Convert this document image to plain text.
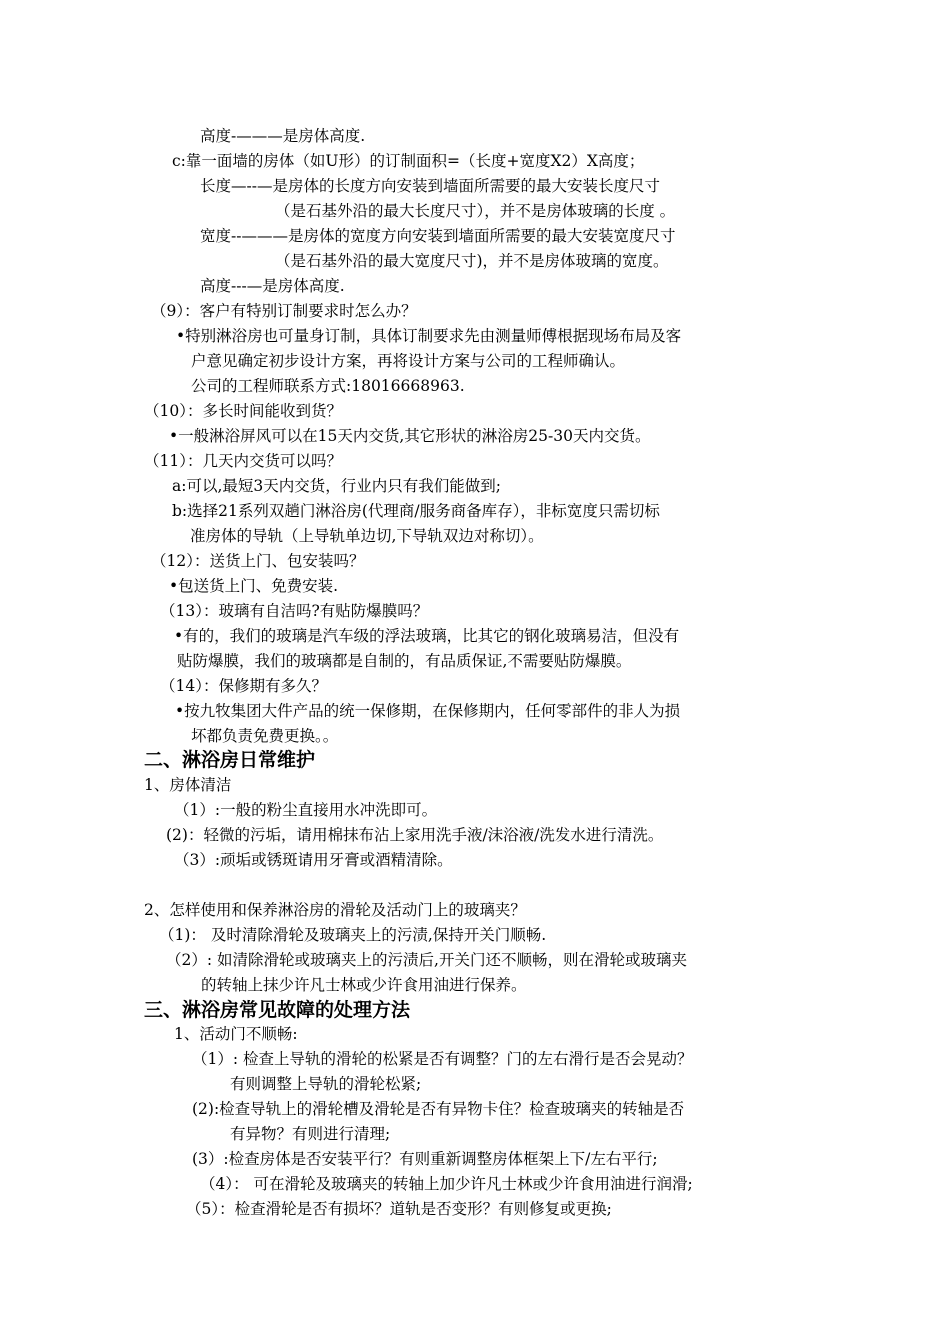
高度-———是房体高度.
c:靠一面墙的房体（如U形）的订制面积=（长度+宽度X2）X高度；
长度—--—是房体的长度方向安装到墙面所需要的最大安装长度尺寸
（是石基外沿的最大长度尺寸），并不是房体玻璃的长度 。
宽度--———是房体的宽度方向安装到墙面所需要的最大安装宽度尺寸
（是石基外沿的最大宽度尺寸)，并不是房体玻璃的宽度。
高度---—是房体高度.
（9）：客户有特别订制要求时怎么办？
•特别淋浴房也可量身订制，具体订制要求先由测量师傅根据现场布局及客
户意见确定初步设计方案，再将设计方案与公司的工程师确认。
公司的工程师联系方式:18016668963.
（10）：多长时间能收到货？
•一般淋浴屏风可以在15天内交货,其它形状的淋浴房25-30天内交货。
（11）：几天内交货可以吗？
a:可以,最短3天内交货，行业内只有我们能做到;
b:选择21系列双趟门淋浴房(代理商/服务商备库存），非标宽度只需切标
准房体的导轨（上导轨单边切,下导轨双边对称切）。
（12）：送货上门、包安装吗？
•包送货上门、免费安装.
（13）：玻璃有自洁吗?有贴防爆膜吗？
•有的，我们的玻璃是汽车级的浮法玻璃，比其它的钢化玻璃易洁，但没有
贴防爆膜，我们的玻璃都是自制的，有品质保证,不需要贴防爆膜。
（14）：保修期有多久？
•按九牧集团大件产品的统一保修期，在保修期内，任何零部件的非人为损
坏都负责免费更换。。
二、淋浴房日常维护
1、房体清洁
（1）:一般的粉尘直接用水冲洗即可。
(2)：轻微的污垢，请用棉抹布沾上家用洗手液/沫浴液/洗发水进行清洗。
（3）:顽垢或锈斑请用牙膏或酒精清除。
2、怎样使用和保养淋浴房的滑轮及活动门上的玻璃夹？
（1)： 及时清除滑轮及玻璃夹上的污渍,保持开关门顺畅.
（2）: 如清除滑轮或玻璃夹上的污渍后,开关门还不顺畅，则在滑轮或玻璃夹
的转轴上抹少许凡士林或少许食用油进行保养。
三、淋浴房常见故障的处理方法
1、活动门不顺畅:
（1）: 检查上导轨的滑轮的松紧是否有调整？门的左右滑行是否会晃动？
有则调整上导轨的滑轮松紧;
(2):检查导轨上的滑轮槽及滑轮是否有异物卡住？检查玻璃夹的转轴是否
有异物？有则进行清理;
(3）:检查房体是否安装平行？有则重新调整房体框架上下/左右平行;
（4）： 可在滑轮及玻璃夹的转轴上加少许凡士林或少许食用油进行润滑;
（5）：检查滑轮是否有损坏？道轨是否变形？有则修复或更换;
